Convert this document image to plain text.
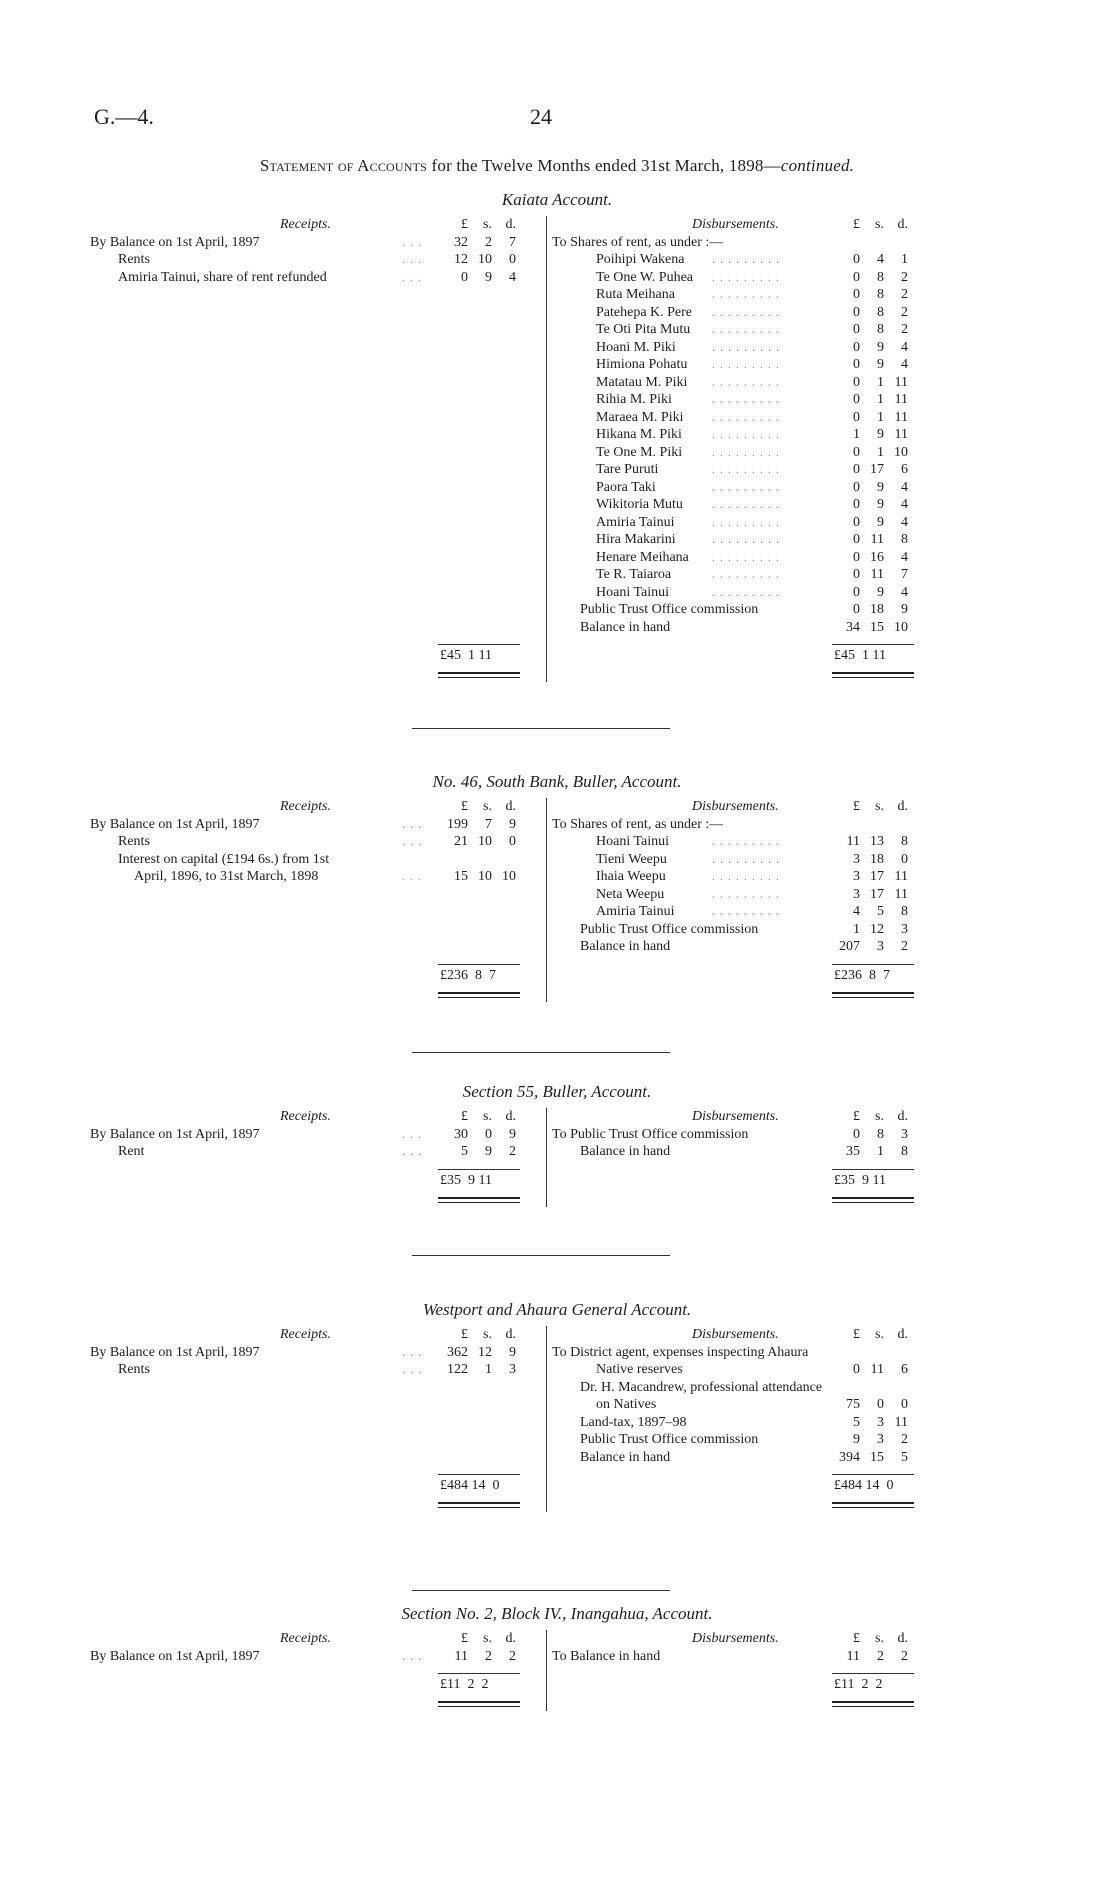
G.—4.	24
Statement of Accounts for the Twelve Months ended 31st March, 1898—continued.
Kaiata Account.
£45  1 11	£45  1 11
Receipts.	£	s. d.
By Balance on 1st April, 1897	. . .	32	2	7
Rents	. . .	12 10	0
Amiria Tainui, share of rent refunded	. . .	0	9	4
Disbursements.	£	s. d.
To Shares of rent, as under :—
Poihipi Wakena . . . . . . . . .	0	4	1
Te One W. Puhea . . . . . . . . .	0	8	2
Ruta Meihana	. . . . . . . . .	0	8	2
Patehepa K. Pere . . . . . . . . .	0	8	2
Te Oti Pita Mutu . . . . . . . . .	0	8	2
Hoani M. Piki	. . . . . . . . .	0	9	4
Himiona Pohatu . . . . . . . . .	0	9	4
Matatau M. Piki . . . . . . . . .	0	1 11
Rihia M. Piki	. . . . . . . . .	0	1 11
Maraea M. Piki . . . . . . . . .	0	1 11
Hikana M. Piki	. . . . . . . . .	1	9 11
Te One M. Piki . . . . . . . . .	0	1 10
Tare Puruti	. . . . . . . . .	0 17	6
Paora Taki	. . . . . . . . .	0	9	4
Wikitoria Mutu . . . . . . . . .	0	9	4
Amiria Tainui	. . . . . . . . .	0	9	4
Hira Makarini	. . . . . . . . .	0 11	8
Henare Meihana . . . . . . . . .	0 16	4
Te R. Taiaroa	. . . . . . . . .	0 11	7
Hoani Tainui	. . . . . . . . .	0	9	4
Public Trust Office commission	0 18	9
Balance in hand	34 15 10
No. 46, South Bank, Buller, Account.
£236  8  7	£236  8  7
Receipts.	£	s. d.
By Balance on 1st April, 1897	. . .	199	7	9
Rents	. . .	21 10	0
Interest on capital (£194 6s.) from 1st
April, 1896, to 31st March, 1898	. . .	15 10 10
Disbursements.	£	s. d.
To Shares of rent, as under :—
Hoani Tainui	. . . . . . . . .	11 13	8
Tieni Weepu	. . . . . . . . .	3 18	0
Ihaia Weepu	. . . . . . . . .	3 17 11
Neta Weepu	. . . . . . . . .	3 17 11
Amiria Tainui	. . . . . . . . .	4	5	8
Public Trust Office commission	1 12	3
Balance in hand	207	3	2
Section 55, Buller, Account.
£35  9 11	£35  9 11
Receipts.	£	s. d.
By Balance on 1st April, 1897	. . .	30	0	9
Rent	. . .	5	9	2
Disbursements.	£	s. d.
To Public Trust Office commission	0	8	3
Balance in hand	35	1	8
Westport and Ahaura General Account.
£484 14  0	£484 14  0
Receipts.	£	s. d.
By Balance on 1st April, 1897	. . .	362 12	9
Rents	. . .	122	1	3
Disbursements.	£	s. d.
To District agent, expenses inspecting Ahaura
Native reserves	0 11	6
Dr. H. Macandrew, professional attendance
on Natives	75	0	0
Land-tax, 1897–98	5	3 11
Public Trust Office commission	9	3	2
Balance in hand	394 15	5
Section No. 2, Block IV., Inangahua, Account.
£11  2  2	£11  2  2
Receipts.	£	s. d.
By Balance on 1st April, 1897	. . .	11	2	2
Disbursements.	£	s. d.
To Balance in hand	11	2	2
